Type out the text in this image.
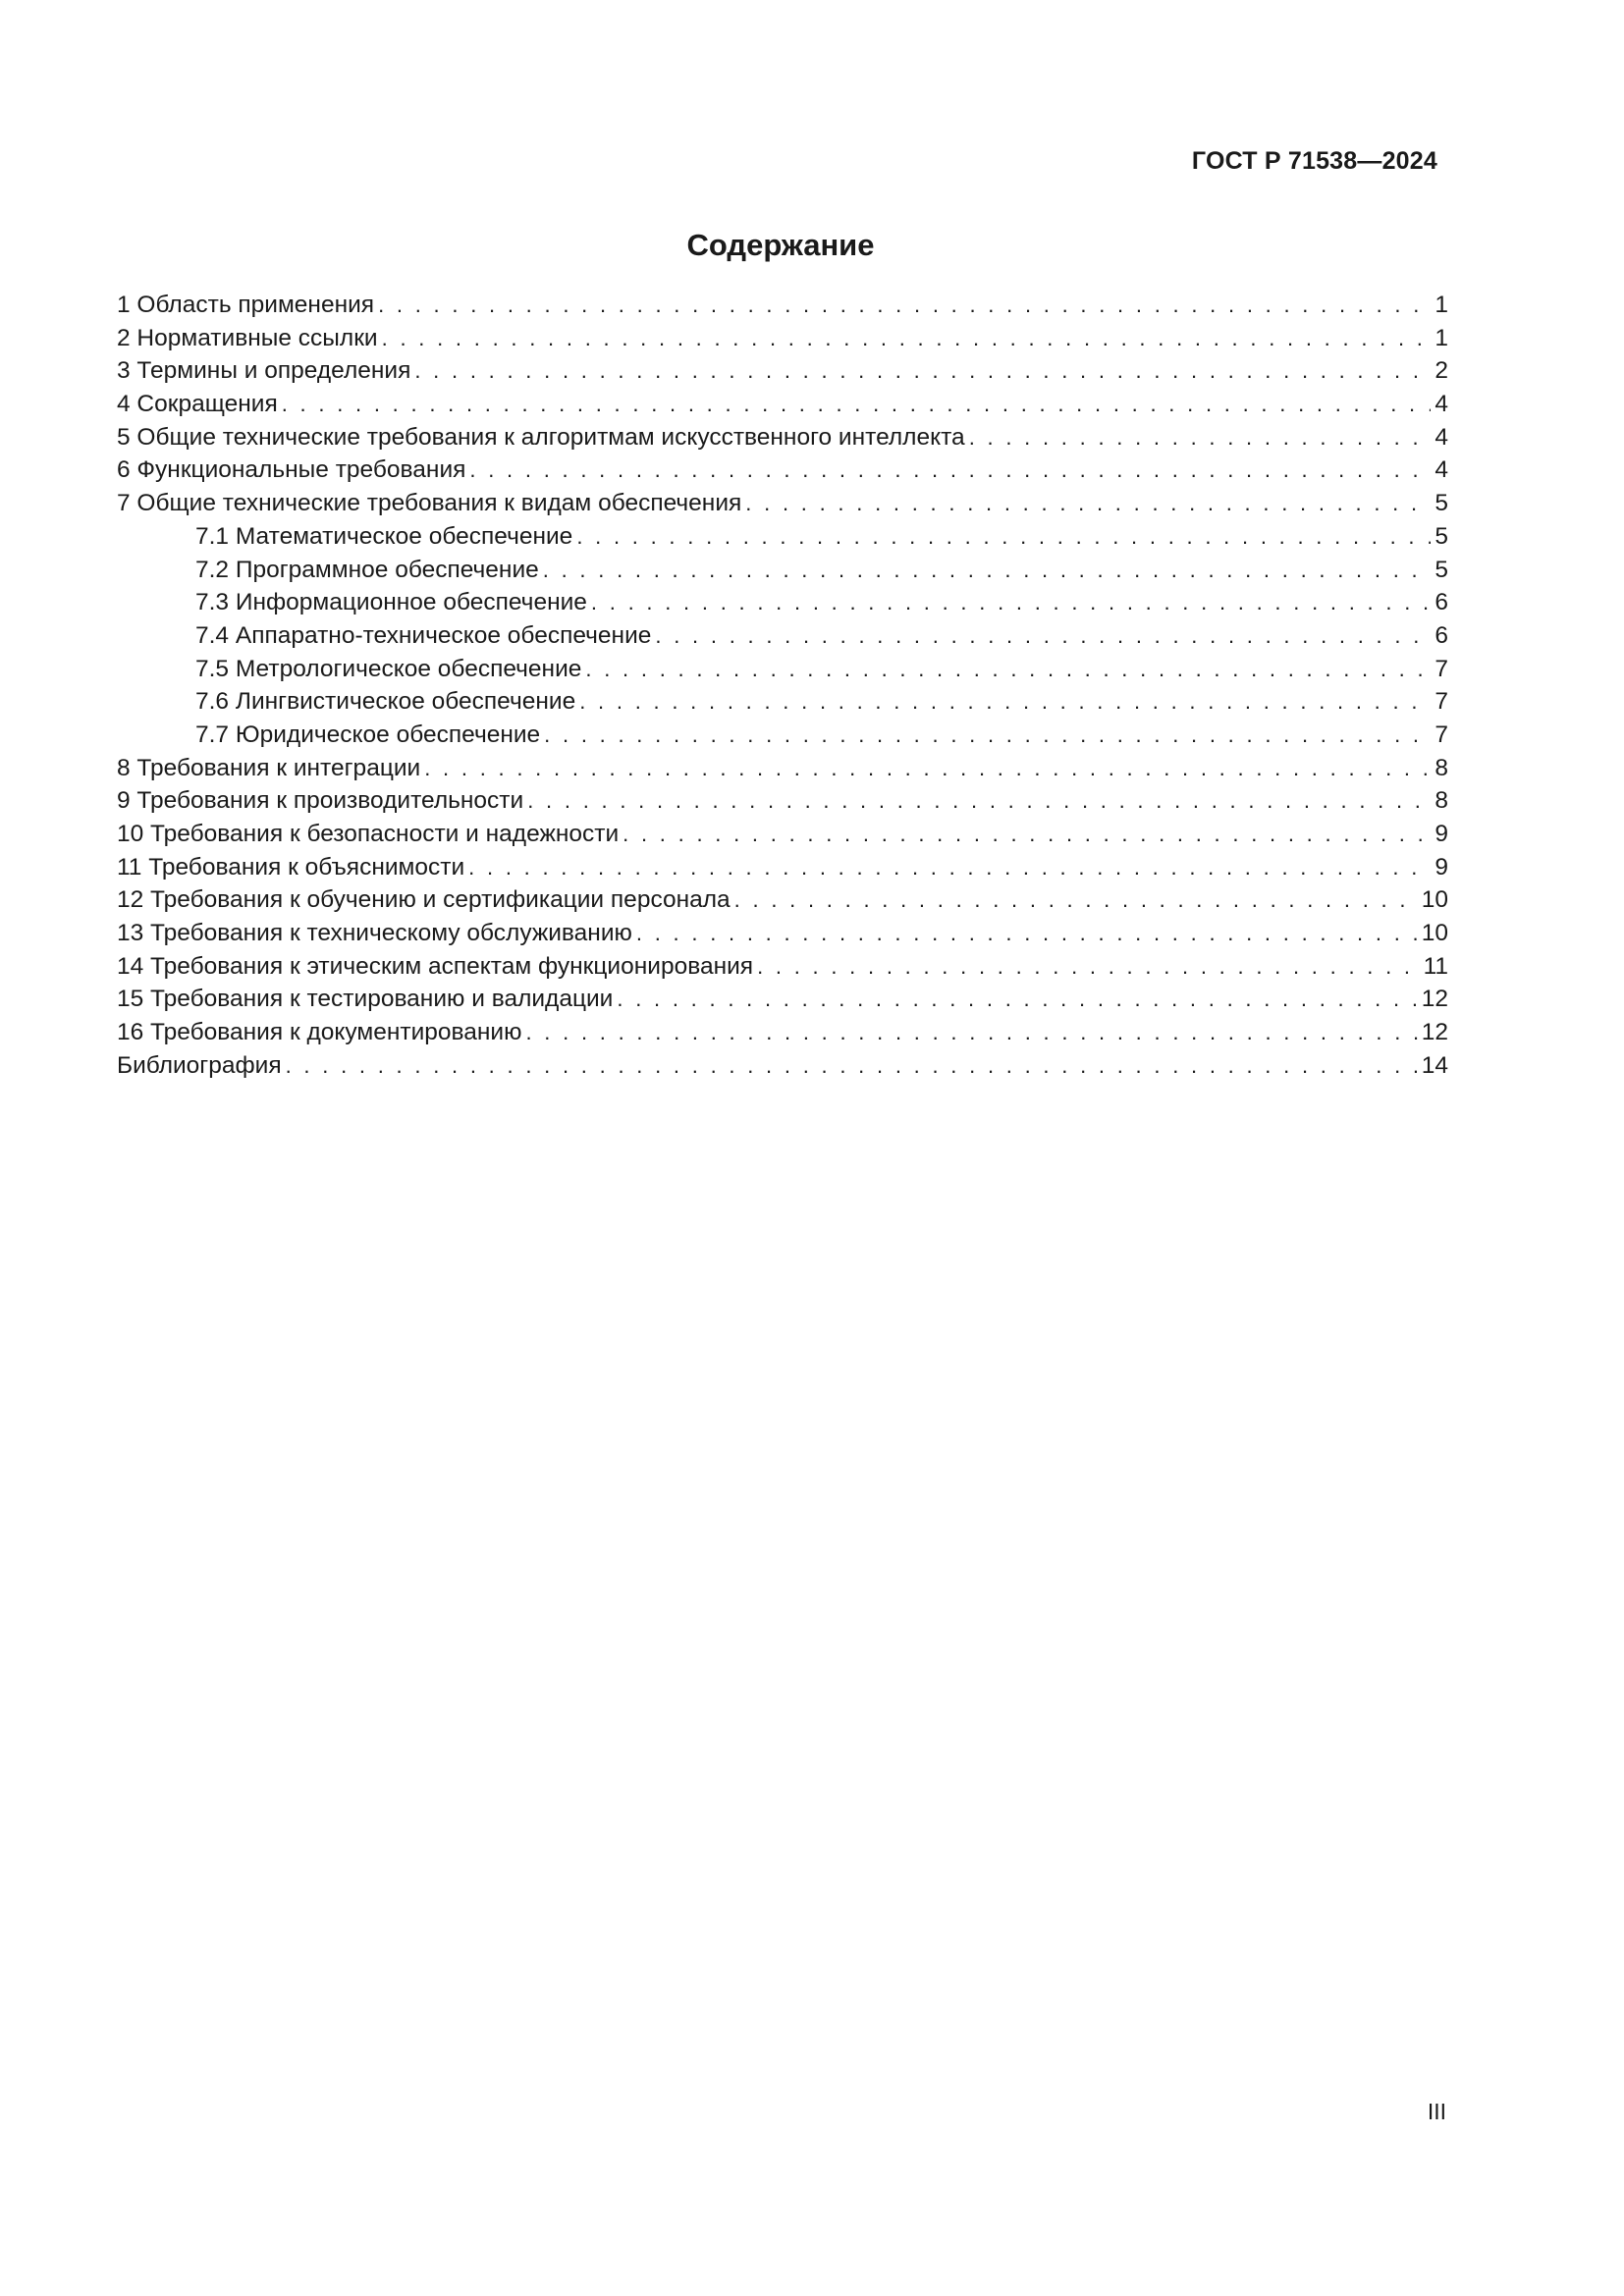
ГОСТ Р 71538—2024
Содержание
1 Область применения . . .	1
2 Нормативные ссылки . . .	1
3 Термины и определения . . .	2
4 Сокращения . . .	4
5 Общие технические требования к алгоритмам искусственного интеллекта . . .	4
6 Функциональные требования . . .	4
7 Общие технические требования к видам обеспечения . . .	5
7.1 Математическое обеспечение . . .	5
7.2 Программное обеспечение . . .	5
7.3 Информационное обеспечение . . .	6
7.4 Аппаратно-техническое обеспечение . . .	6
7.5 Метрологическое обеспечение . . .	7
7.6 Лингвистическое обеспечение . . .	7
7.7 Юридическое обеспечение . . .	7
8 Требования к интеграции . . .	8
9 Требования к производительности . . .	8
10 Требования к безопасности и надежности . . .	9
11 Требования к объяснимости . . .	9
12 Требования к обучению и сертификации персонала . . .	10
13 Требования к техническому обслуживанию . . .	10
14 Требования к этическим аспектам функционирования . . .	11
15 Требования к тестированию и валидации . . .	12
16 Требования к документированию . . .	12
Библиография . . .	14
III
